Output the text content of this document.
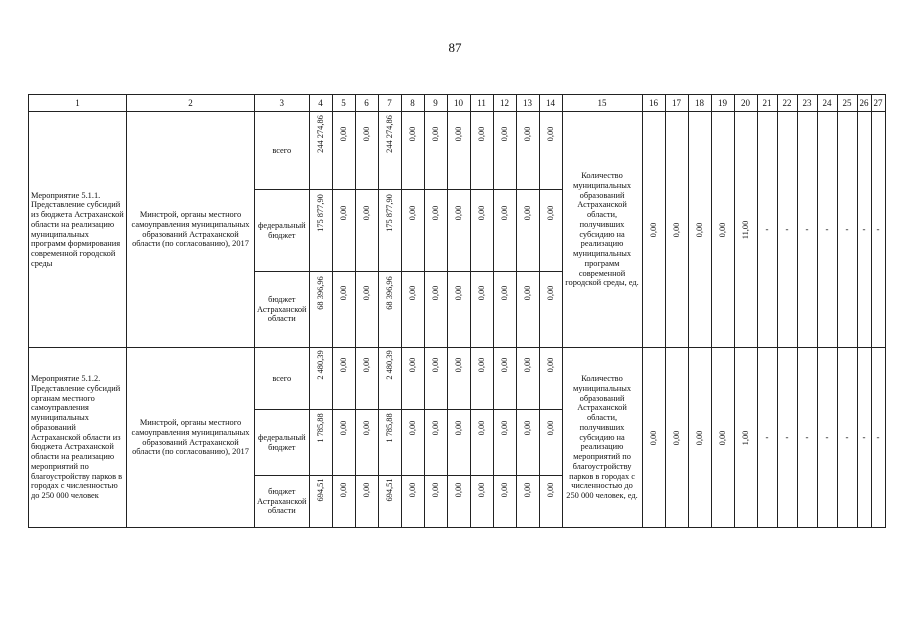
87
1	2	3	4	5	6	7	8	9	10	11	12	13	14	15	16	17	18	19	20	21	22	23	24	25	26	27
Мероприятие 5.1.1. Представление субсидий из бюджета Астраханской области на реализацию муниципальных программ формирования современной городской среды	Минстрой, органы местного самоуправления муниципальных образований Астраханской области (по согласованию), 2017	всего	244 274,86	0,00	0,00	244 274,86	0,00	0,00	0,00	0,00	0,00	0,00	0,00	Количество муниципальных образований Астраханской области, получивших субсидию на реализацию муниципальных программ современной городской среды, ед.	0,00	0,00	0,00	0,00	11,00	-	-	-	-	-	-	-
		федеральный бюджет	175 877,90	0,00	0,00	175 877,90	0,00	0,00	0,00	0,00	0,00	0,00	0,00													

		бюджет Астраханской области	68 396,96	0,00	0,00	68 396,96	0,00	0,00	0,00	0,00	0,00	0,00	0,00													

Мероприятие 5.1.2. Представление субсидий органам местного самоуправления муниципальных образований Астраханской области из бюджета Астраханской области на реализацию мероприятий по благоустройству парков в городах с численностью до 250 000 человек	Минстрой, органы местного самоуправления муниципальных образований Астраханской области (по согласованию), 2017	всего	2 480,39	0,00	0,00	2 480,39	0,00	0,00	0,00	0,00	0,00	0,00	0,00	Количество муниципальных образований Астраханской области, получивших субсидию на реализацию мероприятий по благоустройству парков в городах с численностью до 250 000 человек, ед.	0,00	0,00	0,00	0,00	1,00	-	-	-	-	-	-	-
		федеральный бюджет	1 785,88	0,00	0,00	1 785,88	0,00	0,00	0,00	0,00	0,00	0,00	0,00													

		бюджет Астраханской области	694,51	0,00	0,00	694,51	0,00	0,00	0,00	0,00	0,00	0,00	0,00													
